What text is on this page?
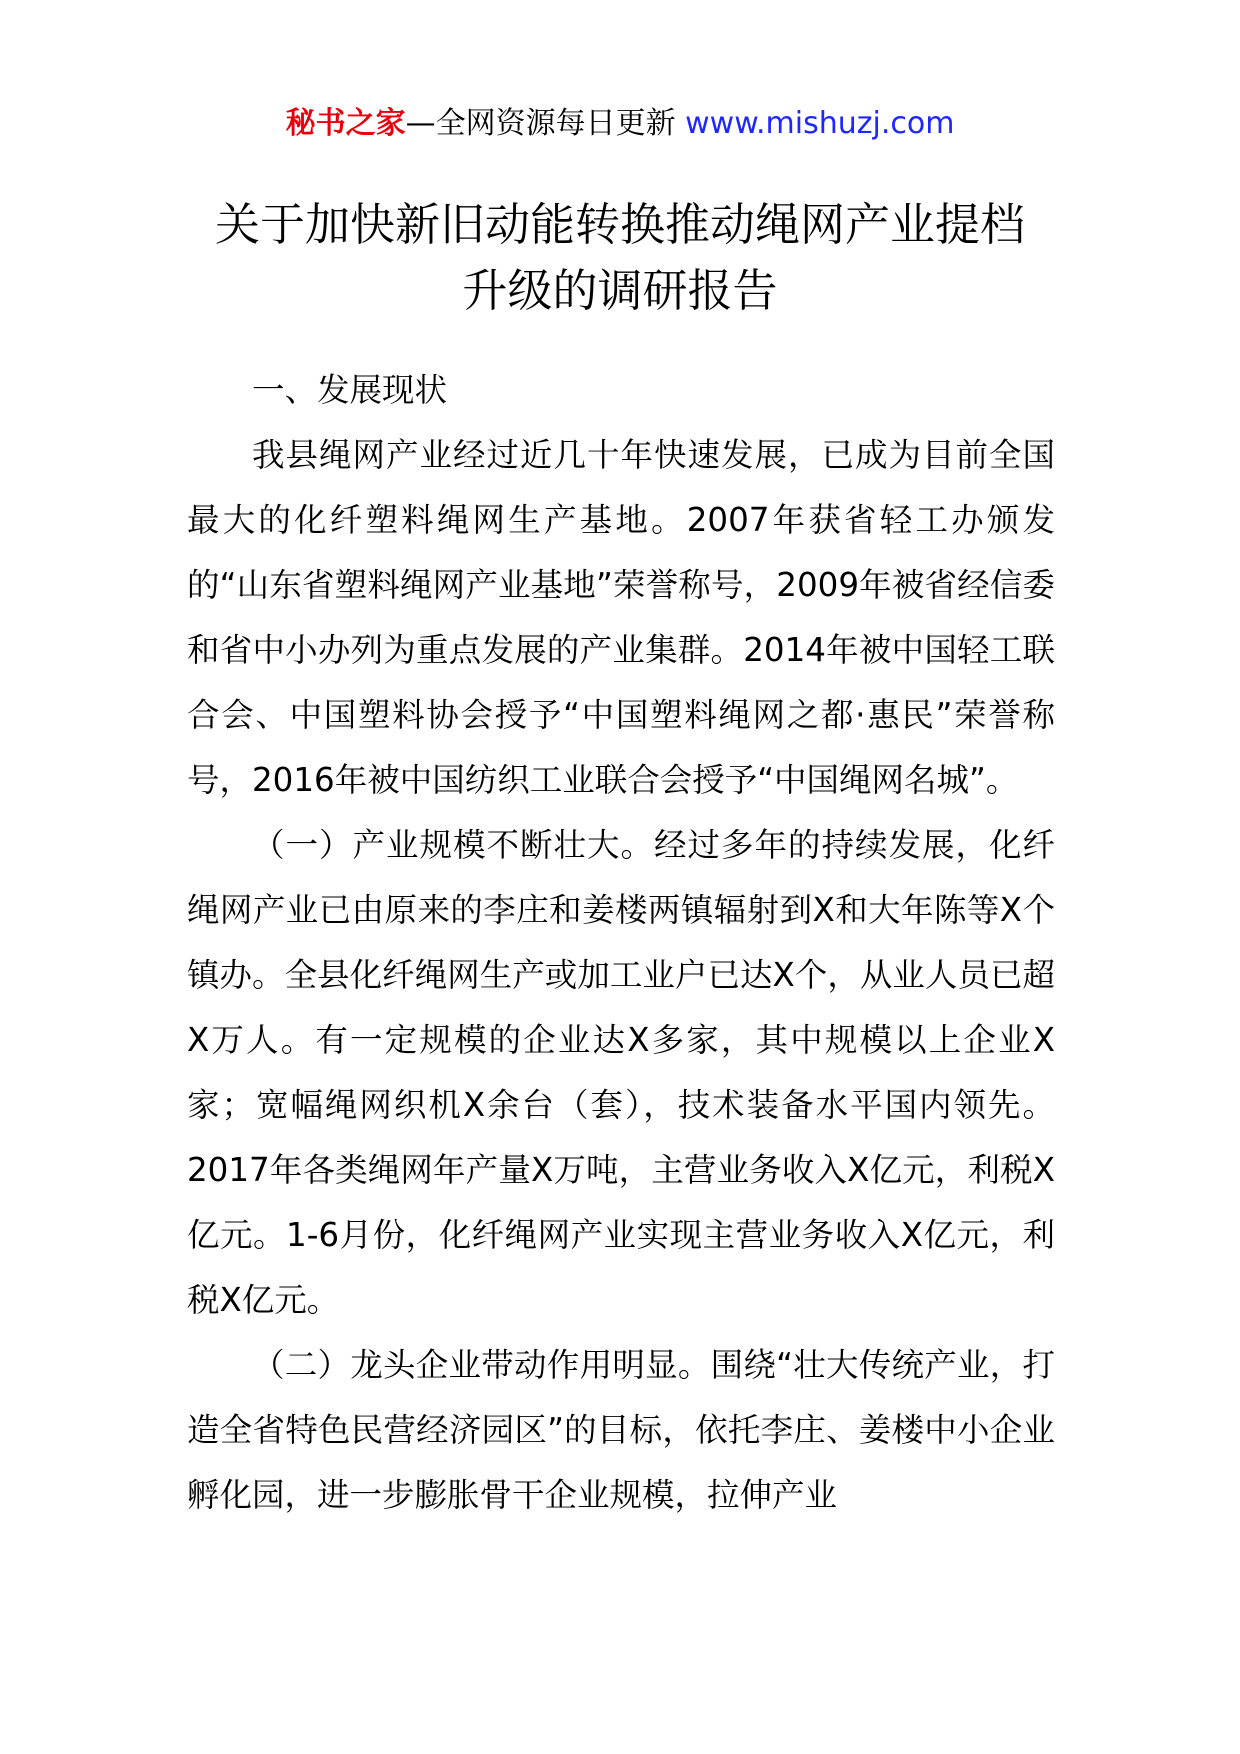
秘书之家—全网资源每日更新 www.mishuzj.com
关于加快新旧动能转换推动绳网产业提档
升级的调研报告

一、发展现状

我县绳网产业经过近几十年快速发展，已成为目前全国最大的化纤塑料绳网生产基地。2007年获省轻工办颁发的“山东省塑料绳网产业基地”荣誉称号，2009年被省经信委和省中小办列为重点发展的产业集群。2014年被中国轻工联合会、中国塑料协会授予“中国塑料绳网之都·惠民”荣誉称号，2016年被中国纺织工业联合会授予“中国绳网名城”。

（一）产业规模不断壮大。经过多年的持续发展，化纤绳网产业已由原来的李庄和姜楼两镇辐射到X和大年陈等X个镇办。全县化纤绳网生产或加工业户已达X个，从业人员已超X万人。有一定规模的企业达X多家，其中规模以上企业X家；宽幅绳网织机X余台（套），技术装备水平国内领先。2017年各类绳网年产量X万吨，主营业务收入X亿元，利税X亿元。1-6月份，化纤绳网产业实现主营业务收入X亿元，利税X亿元。

（二）龙头企业带动作用明显。围绕“壮大传统产业，打造全省特色民营经济园区”的目标，依托李庄、姜楼中小企业孵化园，进一步膨胀骨干企业规模，拉伸产业
